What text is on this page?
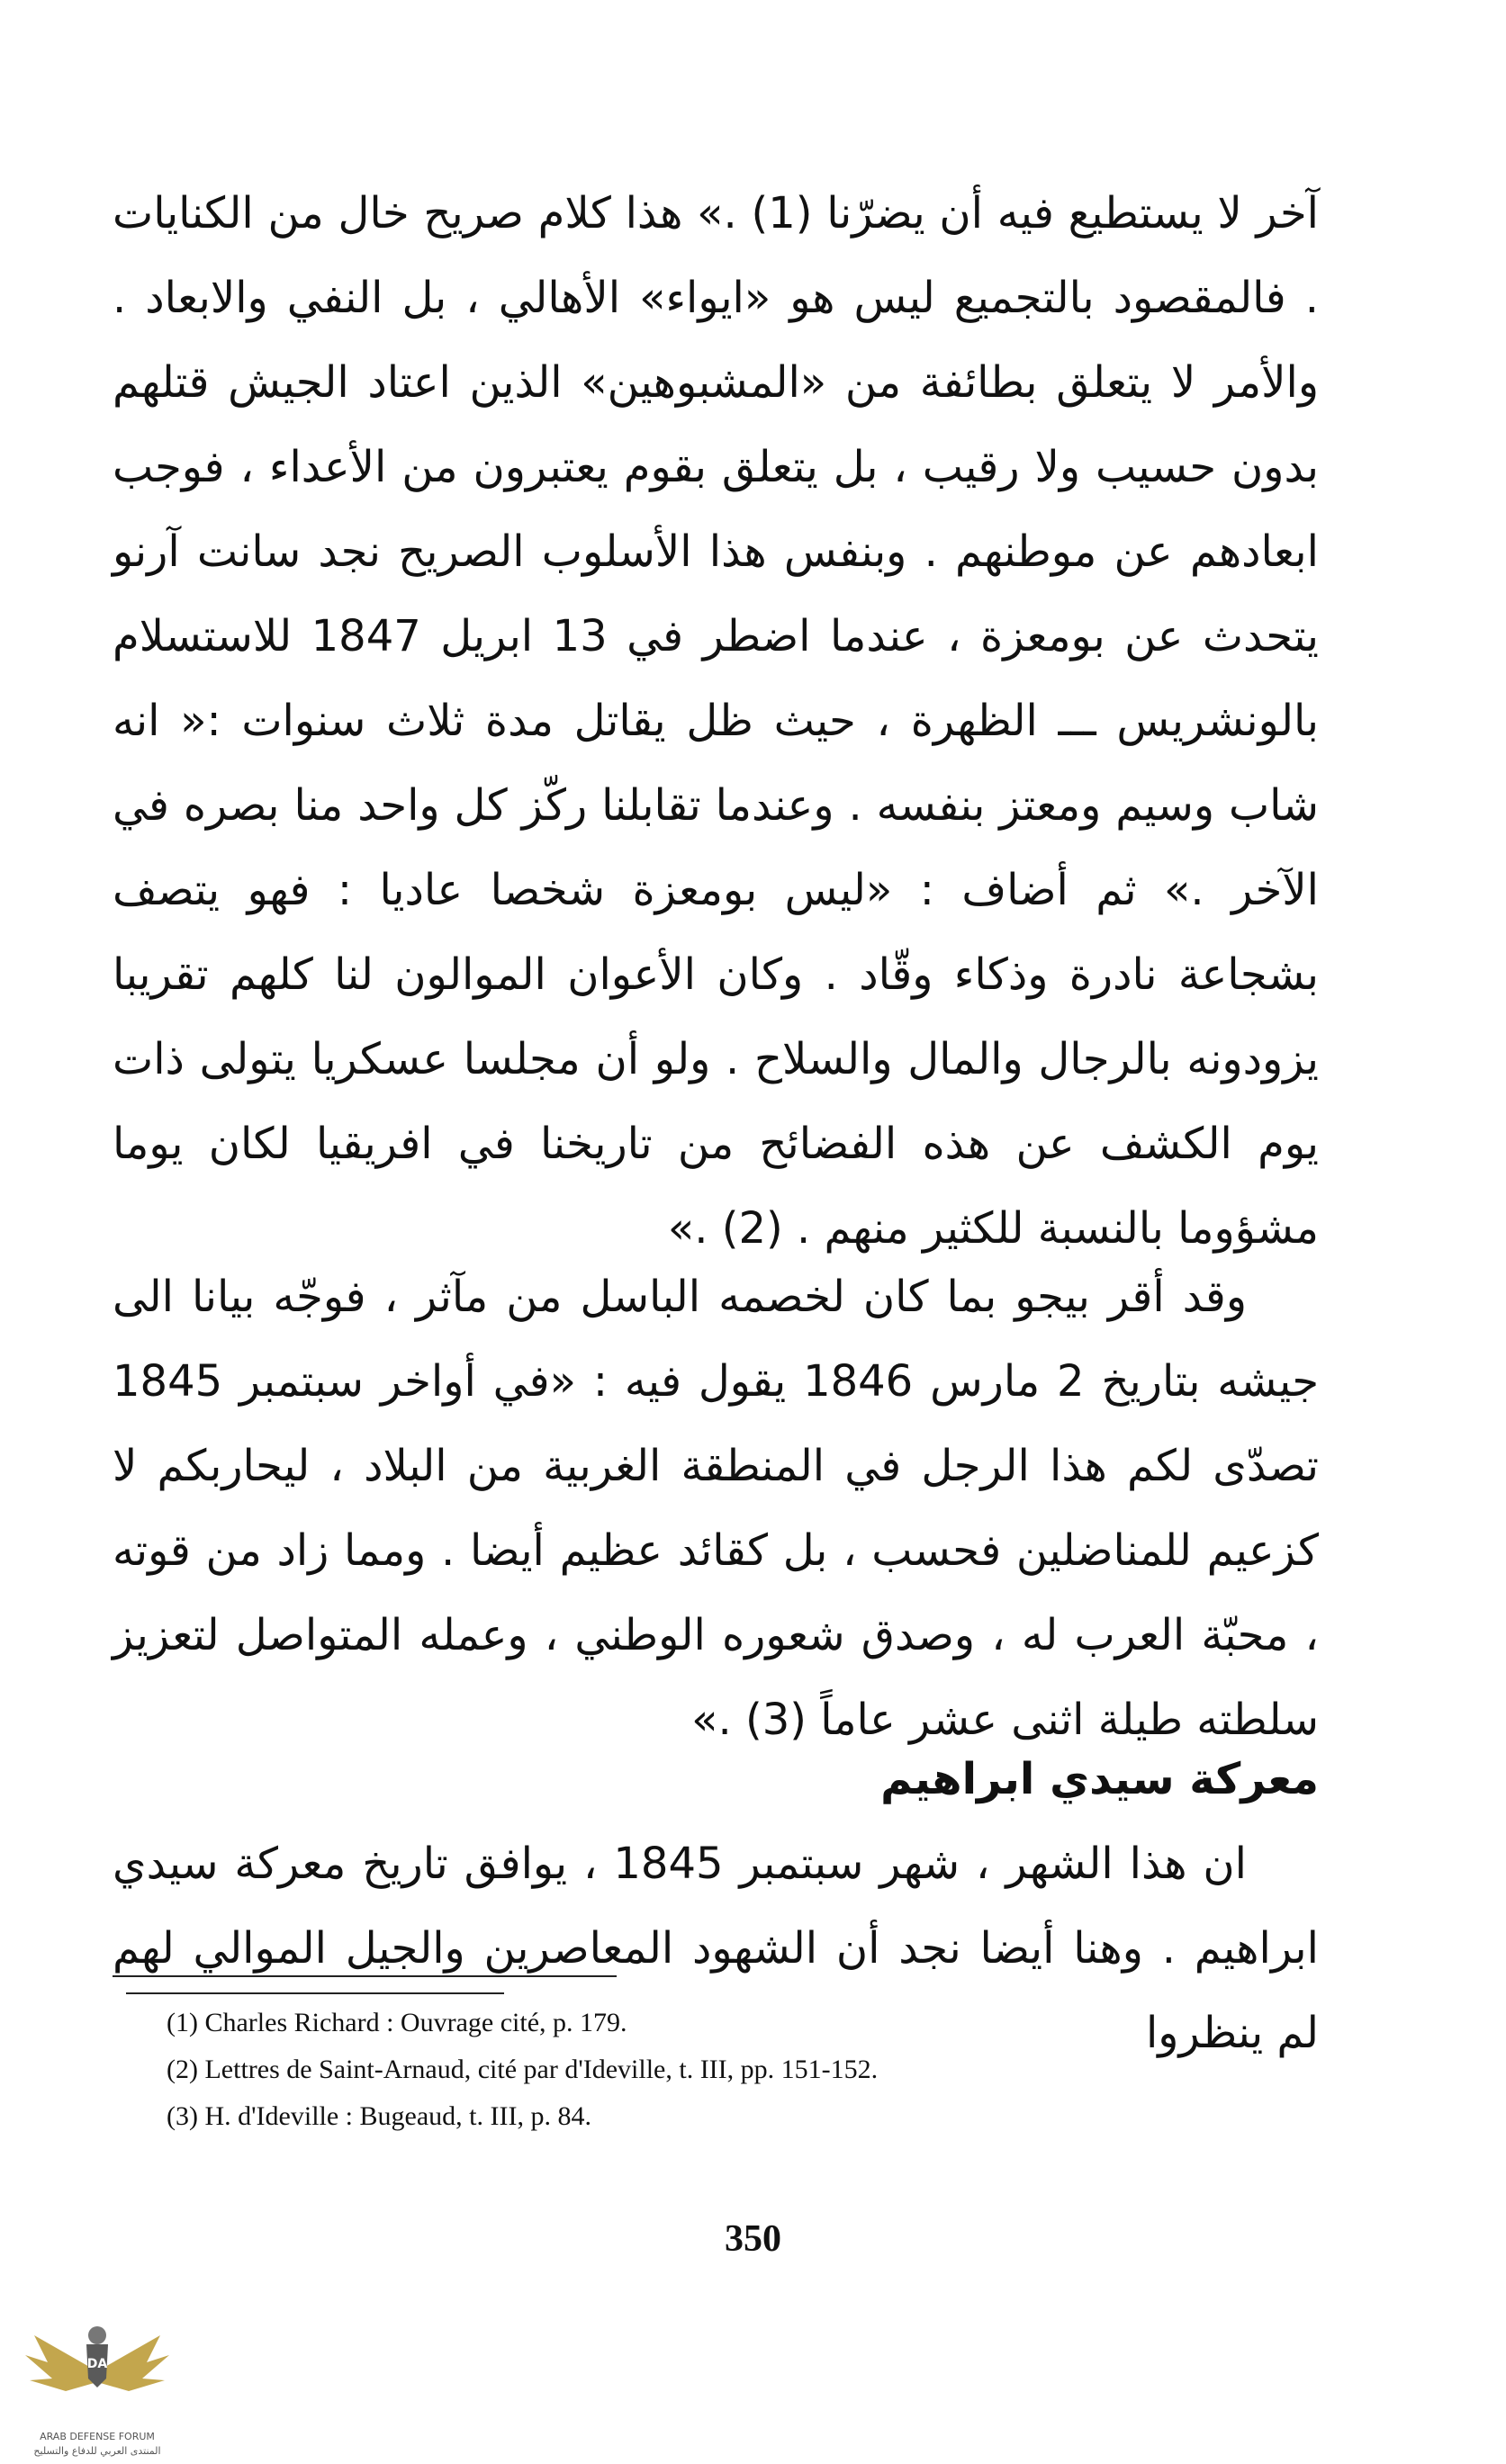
آخر لا يستطيع فيه أن يضرّنا (1) .» هذا كلام صريح خال من الكنايات . فالمقصود بالتجميع ليس هو «ايواء» الأهالي ، بل النفي والابعاد . والأمر لا يتعلق بطائفة من «المشبوهين» الذين اعتاد الجيش قتلهم بدون حسيب ولا رقيب ، بل يتعلق بقوم يعتبرون من الأعداء ، فوجب ابعادهم عن موطنهم . وبنفس هذا الأسلوب الصريح نجد سانت آرنو يتحدث عن بومعزة ، عندما اضطر في 13 ابريل 1847 للاستسلام بالونشريس ـــ الظهرة ، حيث ظل يقاتل مدة ثلاث سنوات :« انه شاب وسيم ومعتز بنفسه . وعندما تقابلنا ركّز كل واحد منا بصره في الآخر .» ثم أضاف : «ليس بومعزة شخصا عاديا : فهو يتصف بشجاعة نادرة وذكاء وقّاد . وكان الأعوان الموالون لنا كلهم تقريبا يزودونه بالرجال والمال والسلاح . ولو أن مجلسا عسكريا يتولى ذات يوم الكشف عن هذه الفضائح من تاريخنا في افريقيا لكان يوما مشؤوما بالنسبة للكثير منهم . (2) .»
وقد أقر بيجو بما كان لخصمه الباسل من مآثر ، فوجّه بيانا الى جيشه بتاريخ 2 مارس 1846 يقول فيه : «في أواخر سبتمبر 1845 تصدّى لكم هذا الرجل في المنطقة الغربية من البلاد ، ليحاربكم لا كزعيم للمناضلين فحسب ، بل كقائد عظيم أيضا . ومما زاد من قوته ، محبّة العرب له ، وصدق شعوره الوطني ، وعمله المتواصل لتعزيز سلطته طيلة اثنى عشر عاماً (3) .»
معركة سيدي ابراهيم
ان هذا الشهر ، شهر سبتمبر 1845 ، يوافق تاريخ معركة سيدي ابراهيم . وهنا أيضا نجد أن الشهود المعاصرين والجيل الموالي لهم لم ينظروا
(1) Charles Richard : Ouvrage cité, p. 179.
(2) Lettres de Saint-Arnaud, cité par d'Ideville, t. III, pp. 151-152.
(3) H. d'Ideville : Bugeaud, t. III, p. 84.
350
DA
ARAB DEFENSE FORUM
المنتدى العربي للدفاع والتسليح
